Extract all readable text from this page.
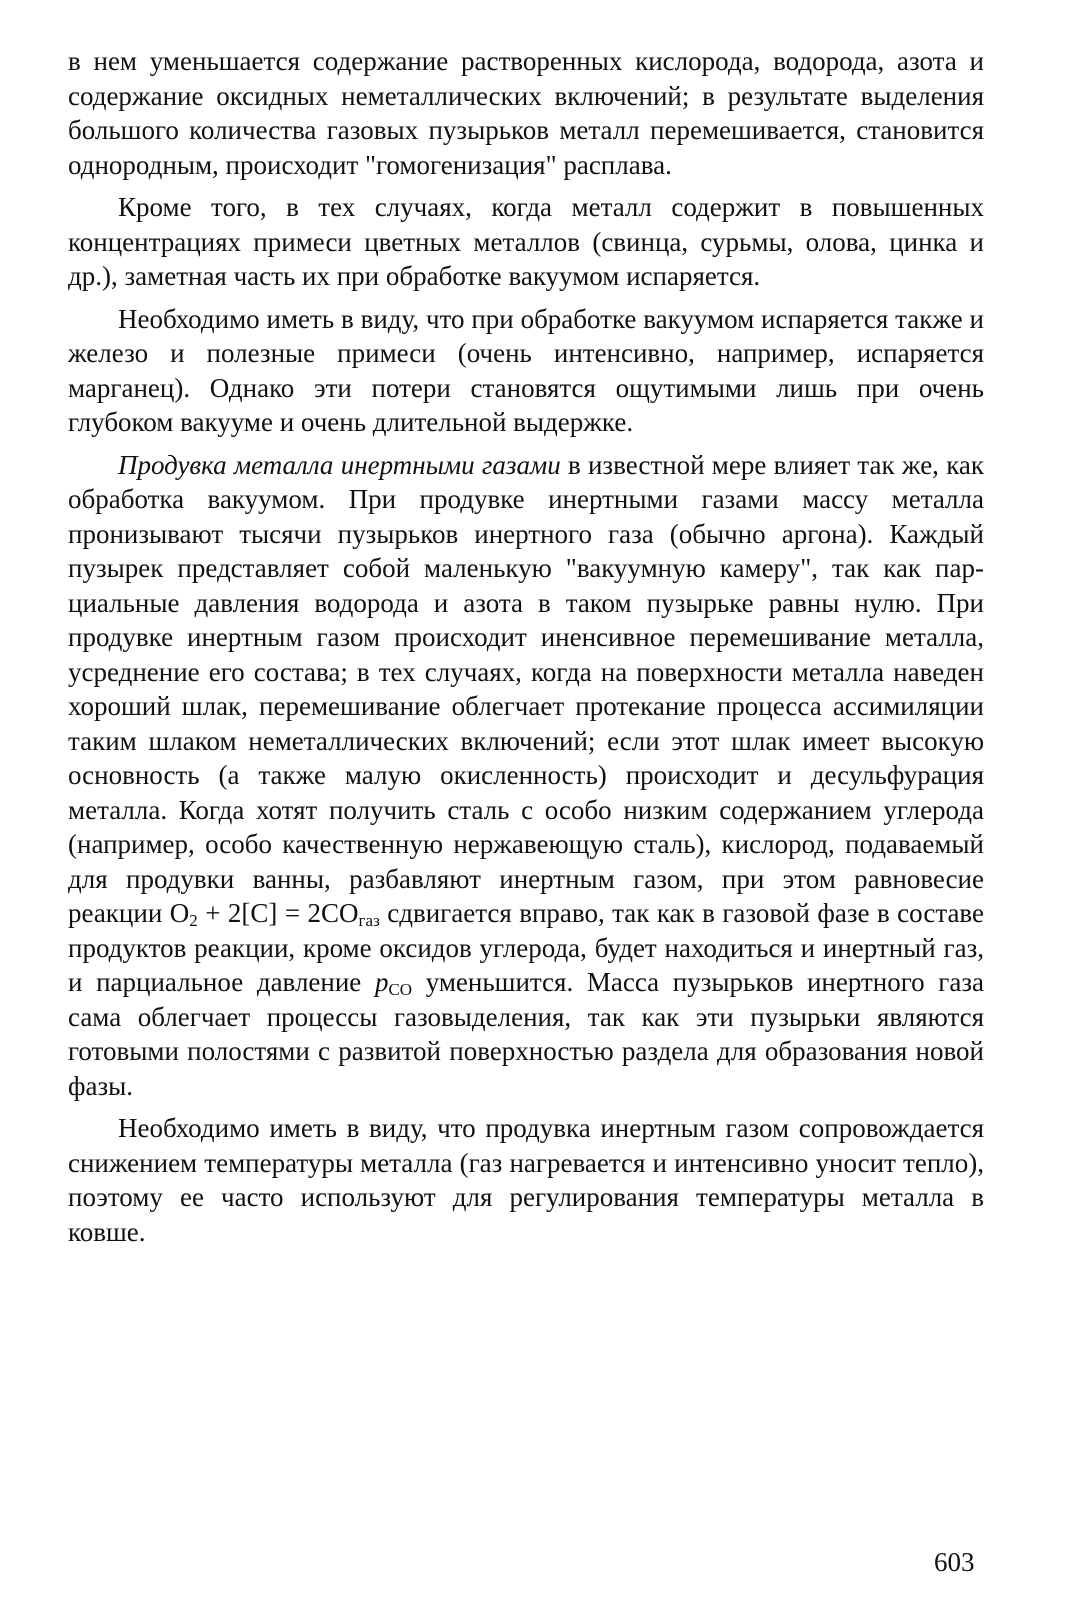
в нем уменьшается содержание растворенных кислорода, водорода, азота и содержание оксидных неметаллических включений; в результате выделения большого количества газовых пузырьков металл перемешивается, становится однородным, происходит "гомогенизация" расплава.

Кроме того, в тех случаях, когда металл содержит в повышенных концентрациях примеси цветных металлов (свинца, сурьмы, олова, цинка и др.), заметная часть их при обработке вакуумом испаряется.

Необходимо иметь в виду, что при обработке вакуумом испаряется также и железо и полезные примеси (очень интенсивно, например, испаряется марганец). Однако эти потери становятся ощутимыми лишь при очень глубоком вакууме и очень длительной выдержке.

Продувка металла инертными газами в известной мере влияет так же, как обработка вакуумом. При продувке инертными газами массу металла пронизывают тысячи пузырьков инертного газа (обычно аргона). Каждый пузырек представляет собой маленькую "вакуумную камеру", так как парциальные давления водорода и азота в таком пузырьке равны нулю. При продувке инертным газом происходит иненсивное перемешивание металла, усреднение его состава; в тех случаях, когда на поверхности металла наведен хороший шлак, перемешивание облегчает протекание процесса ассимиляции таким шлаком неметаллических включений; если этот шлак имеет высокую основность (а также малую окисленность) происходит и десульфурация металла. Когда хотят получить сталь с особо низким содержанием углерода (например, особо качественную нержавеющую сталь), кислород, подаваемый для продувки ванны, разбавляют инертным газом, при этом равновесие реакции $O_2 + 2[C] = 2CO_{газ}$ сдвигается вправо, так как в газовой фазе в составе продуктов реакции, кроме оксидов углерода, будет находиться и инертный газ, и парциальное давление $p_{CO}$ уменьшится. Масса пузырьков инертного газа сама облегчает процессы газовыделения, так как эти пузырьки являются готовыми полостями с развитой поверхностью раздела для образования новой фазы.

Необходимо иметь в виду, что продувка инертным газом сопровождается снижением температуры металла (газ нагревается и интенсивно уносит тепло), поэтому ее часто используют для регулирования температуры металла в ковше.

603
